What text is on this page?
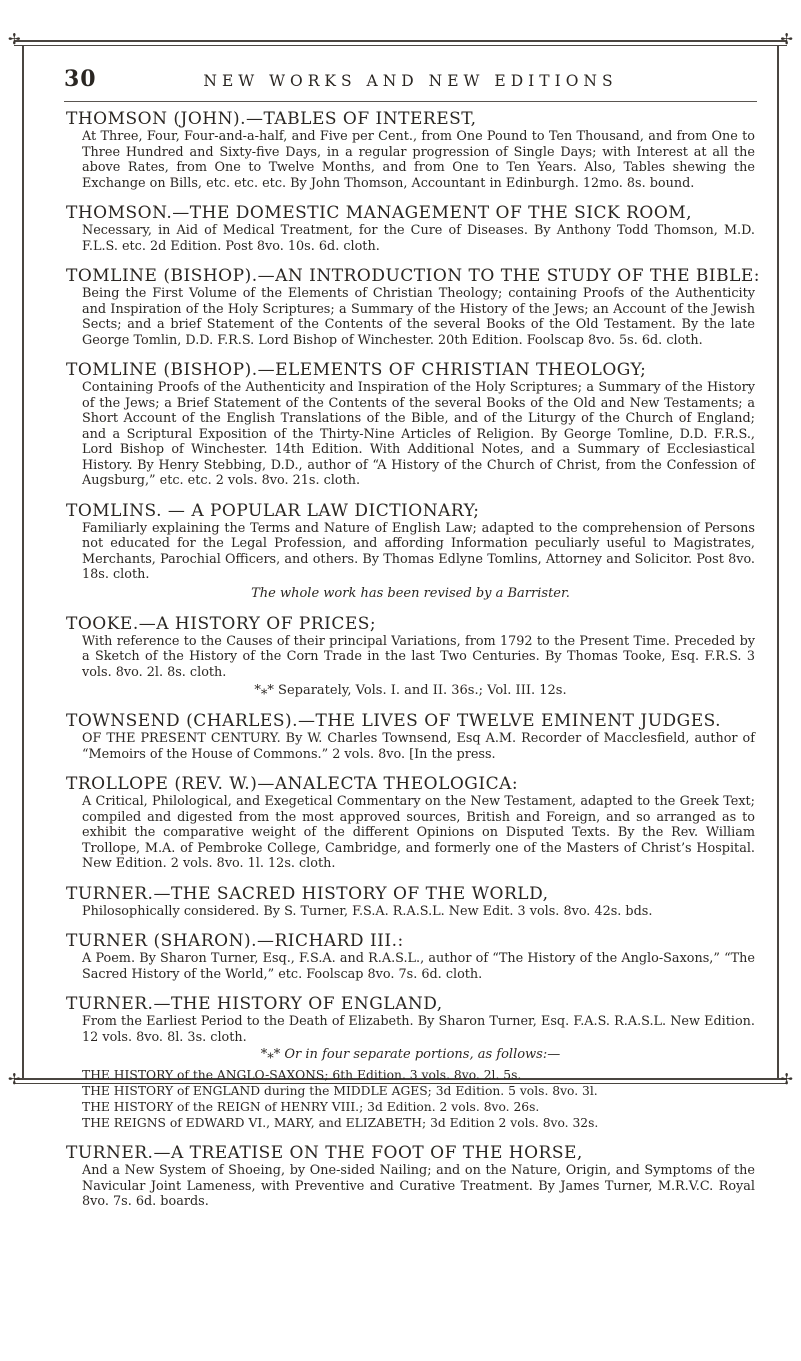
✢	✢
✢	✢
30	NEW WORKS AND NEW EDITIONS
THOMSON (JOHN).—TABLES OF INTEREST,
At Three, Four, Four-and-a-half, and Five per Cent., from One Pound to Ten Thousand, and from One to Three Hundred and Sixty-five Days, in a regular progression of Single Days; with Interest at all the above Rates, from One to Twelve Months, and from One to Ten Years. Also, Tables shewing the Exchange on Bills, etc. etc. etc. By John Thomson, Accountant in Edinburgh. 12mo. 8s. bound.
THOMSON.—THE DOMESTIC MANAGEMENT OF THE SICK ROOM,
Necessary, in Aid of Medical Treatment, for the Cure of Diseases. By Anthony Todd Thomson, M.D. F.L.S. etc. 2d Edition. Post 8vo. 10s. 6d. cloth.
TOMLINE (BISHOP).—AN INTRODUCTION TO THE STUDY OF THE BIBLE:
Being the First Volume of the Elements of Christian Theology; containing Proofs of the Authenticity and Inspiration of the Holy Scriptures; a Summary of the History of the Jews; an Account of the Jewish Sects; and a brief Statement of the Contents of the several Books of the Old Testament. By the late George Tomlin, D.D. F.R.S. Lord Bishop of Winchester. 20th Edition. Foolscap 8vo. 5s. 6d. cloth.
TOMLINE (BISHOP).—ELEMENTS OF CHRISTIAN THEOLOGY;
Containing Proofs of the Authenticity and Inspiration of the Holy Scriptures; a Summary of the History of the Jews; a Brief Statement of the Contents of the several Books of the Old and New Testaments; a Short Account of the English Translations of the Bible, and of the Liturgy of the Church of England; and a Scriptural Exposition of the Thirty-Nine Articles of Religion. By George Tomline, D.D. F.R.S., Lord Bishop of Winchester. 14th Edition. With Additional Notes, and a Summary of Ecclesiastical History. By Henry Stebbing, D.D., author of “A History of the Church of Christ, from the Confession of Augsburg,” etc. etc. 2 vols. 8vo. 21s. cloth.
TOMLINS. — A POPULAR LAW DICTIONARY;
Familiarly explaining the Terms and Nature of English Law; adapted to the comprehension of Persons not educated for the Legal Profession, and affording Information peculiarly useful to Magistrates, Merchants, Parochial Officers, and others. By Thomas Edlyne Tomlins, Attorney and Solicitor. Post 8vo. 18s. cloth.
The whole work has been revised by a Barrister.
TOOKE.—A HISTORY OF PRICES;
With reference to the Causes of their principal Variations, from 1792 to the Present Time. Preceded by a Sketch of the History of the Corn Trade in the last Two Centuries. By Thomas Tooke, Esq. F.R.S. 3 vols. 8vo. 2l. 8s. cloth.
*⁎* Separately, Vols. I. and II. 36s.; Vol. III. 12s.
TOWNSEND (CHARLES).—THE LIVES OF TWELVE EMINENT JUDGES.
OF THE PRESENT CENTURY. By W. Charles Townsend, Esq A.M. Recorder of Macclesfield, author of “Memoirs of the House of Commons.” 2 vols. 8vo. [In the press.
TROLLOPE (REV. W.)—ANALECTA THEOLOGICA:
A Critical, Philological, and Exegetical Commentary on the New Testament, adapted to the Greek Text; compiled and digested from the most approved sources, British and Foreign, and so arranged as to exhibit the comparative weight of the different Opinions on Disputed Texts. By the Rev. William Trollope, M.A. of Pembroke College, Cambridge, and formerly one of the Masters of Christ’s Hospital. New Edition. 2 vols. 8vo. 1l. 12s. cloth.
TURNER.—THE SACRED HISTORY OF THE WORLD,
Philosophically considered. By S. Turner, F.S.A. R.A.S.L. New Edit. 3 vols. 8vo. 42s. bds.
TURNER (SHARON).—RICHARD III.:
A Poem. By Sharon Turner, Esq., F.S.A. and R.A.S.L., author of “The History of the Anglo-Saxons,” “The Sacred History of the World,” etc. Foolscap 8vo. 7s. 6d. cloth.
TURNER.—THE HISTORY OF ENGLAND,
From the Earliest Period to the Death of Elizabeth. By Sharon Turner, Esq. F.A.S. R.A.S.L. New Edition. 12 vols. 8vo. 8l. 3s. cloth.
*⁎* Or in four separate portions, as follows:—
THE HISTORY of the ANGLO-SAXONS; 6th Edition. 3 vols. 8vo. 2l. 5s.
THE HISTORY of ENGLAND during the MIDDLE AGES; 3d Edition. 5 vols. 8vo. 3l.
THE HISTORY of the REIGN of HENRY VIII.; 3d Edition. 2 vols. 8vo. 26s.
THE REIGNS of EDWARD VI., MARY, and ELIZABETH; 3d Edition 2 vols. 8vo. 32s.
TURNER.—A TREATISE ON THE FOOT OF THE HORSE,
And a New System of Shoeing, by One-sided Nailing; and on the Nature, Origin, and Symptoms of the Navicular Joint Lameness, with Preventive and Curative Treatment. By James Turner, M.R.V.C. Royal 8vo. 7s. 6d. boards.
